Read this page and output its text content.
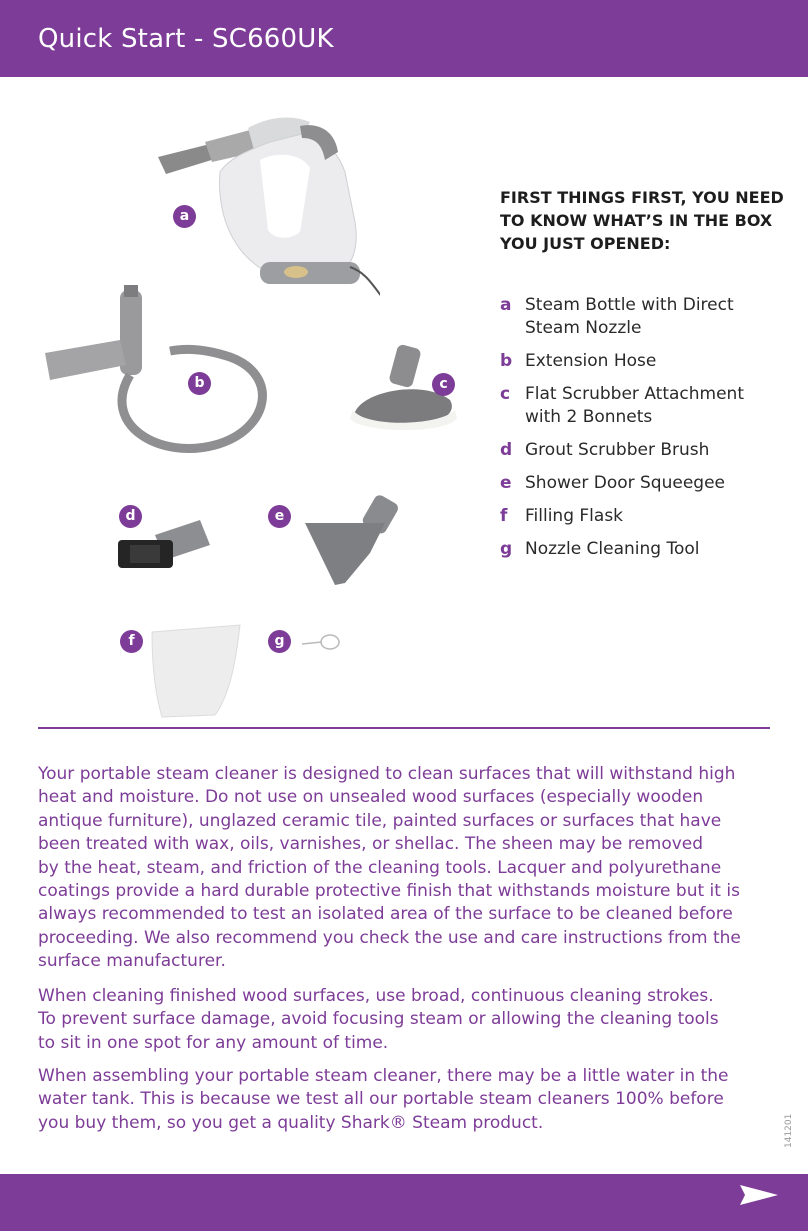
Quick Start - SC660UK
a
b	c
d	e
f	g
FIRST THINGS FIRST, YOU NEED
TO KNOW WHAT’S IN THE BOX
YOU JUST OPENED:
a Steam Bottle with Direct
Steam Nozzle
b Extension Hose
c Flat Scrubber Attachment
with 2 Bonnets
d Grout Scrubber Brush
e Shower Door Squeegee
f Filling Flask
g Nozzle Cleaning Tool
Your portable steam cleaner is designed to clean surfaces that will withstand high
heat and moisture. Do not use on unsealed wood surfaces (especially wooden
antique furniture), unglazed ceramic tile, painted surfaces or surfaces that have
been treated with wax, oils, varnishes, or shellac. The sheen may be removed
by the heat, steam, and friction of the cleaning tools. Lacquer and polyurethane
coatings provide a hard durable protective finish that withstands moisture but it is
always recommended to test an isolated area of the surface to be cleaned before
proceeding. We also recommend you check the use and care instructions from the
surface manufacturer.
When cleaning finished wood surfaces, use broad, continuous cleaning strokes.
To prevent surface damage, avoid focusing steam or allowing the cleaning tools
to sit in one spot for any amount of time.
When assembling your portable steam cleaner, there may be a little water in the
water tank. This is because we test all our portable steam cleaners 100% before
you buy them, so you get a quality Shark® Steam product.	141201
